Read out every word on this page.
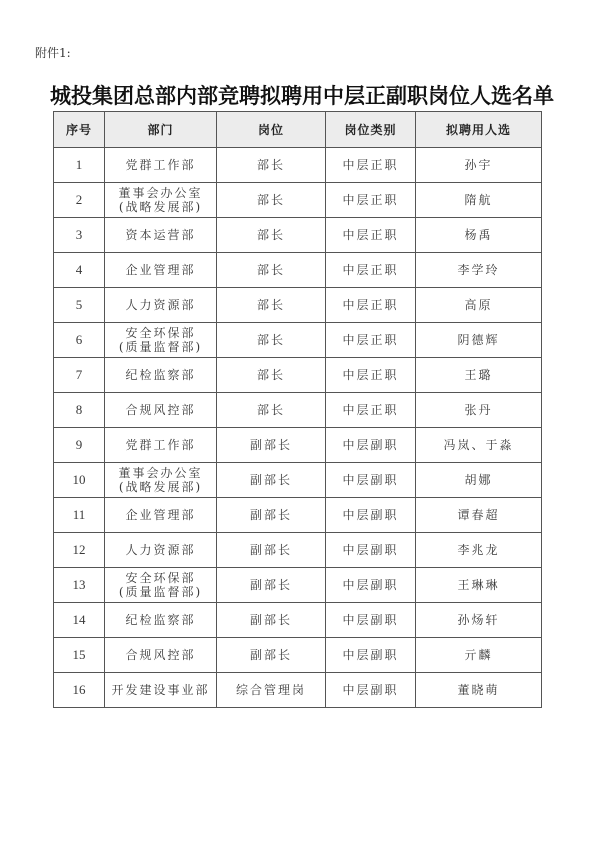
附件1:
城投集团总部内部竞聘拟聘用中层正副职岗位人选名单
序号	部门	岗位	岗位类别	拟聘用人选
1	党群工作部	部长	中层正职	孙宇
2	董事会办公室
(战略发展部)	部长	中层正职	隋航
3	资本运营部	部长	中层正职	杨禹
4	企业管理部	部长	中层正职	李学玲
5	人力资源部	部长	中层正职	高原
6	安全环保部
(质量监督部)	部长	中层正职	阴德辉
7	纪检监察部	部长	中层正职	王璐
8	合规风控部	部长	中层正职	张丹
9	党群工作部	副部长	中层副职	冯岚、于淼
10	董事会办公室
(战略发展部)	副部长	中层副职	胡娜
11	企业管理部	副部长	中层副职	谭春超
12	人力资源部	副部长	中层副职	李兆龙
13	安全环保部
(质量监督部)	副部长	中层副职	王琳琳
14	纪检监察部	副部长	中层副职	孙炀轩
15	合规风控部	副部长	中层副职	亓麟
16	开发建设事业部	综合管理岗	中层副职	董晓萌
